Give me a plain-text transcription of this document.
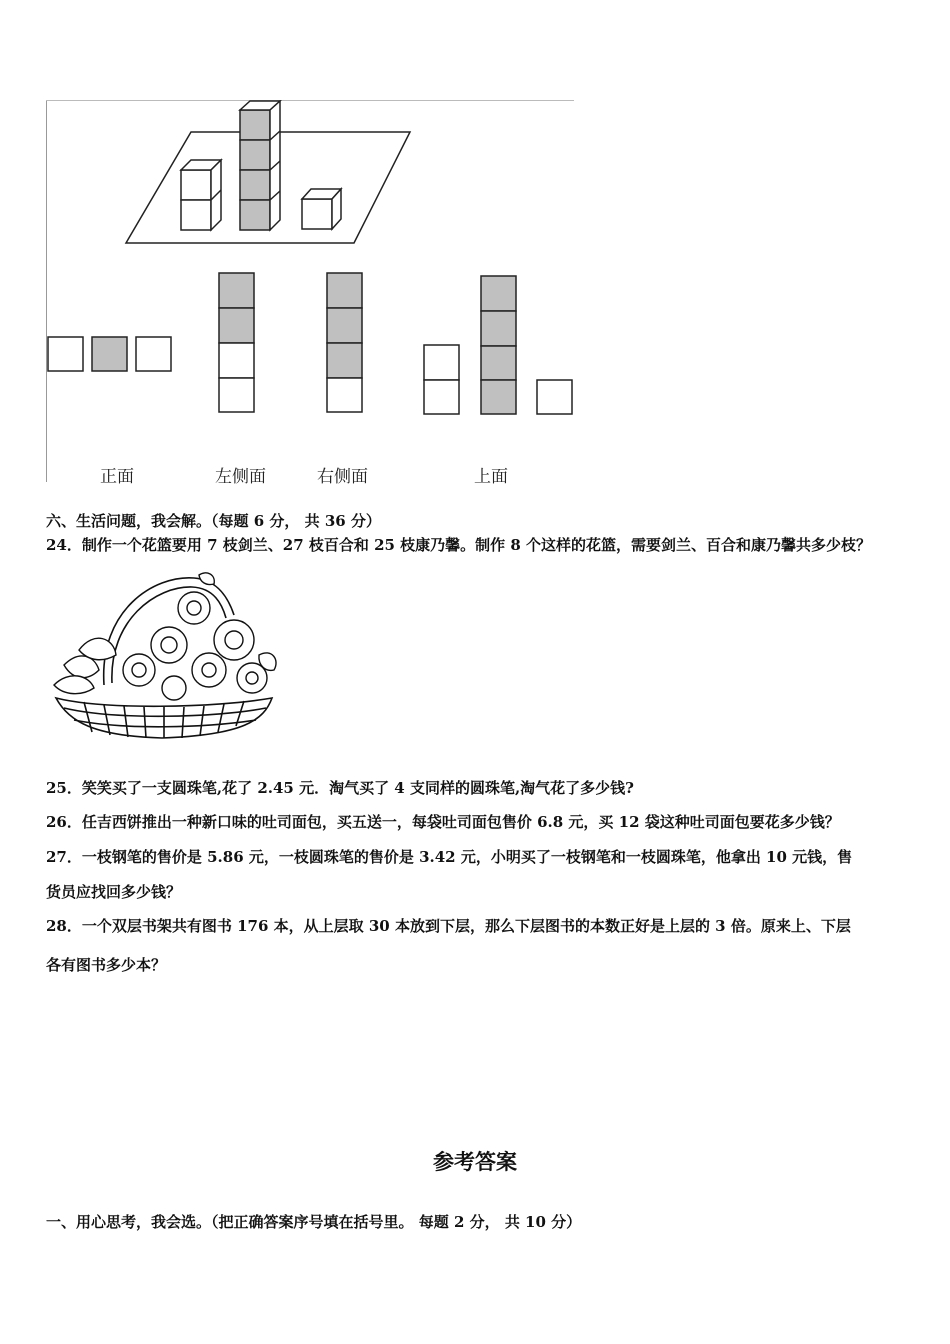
正面	左侧面	右侧面	上面
六、生活问题，我会解。（每题 6 分， 共 36 分）
24．制作一个花篮要用 7 枝剑兰、27 枝百合和 25 枝康乃馨。制作 8 个这样的花篮，需要剑兰、百合和康乃馨共多少枝？
25．笑笑买了一支圆珠笔,花了 2.45 元．淘气买了 4 支同样的圆珠笔,淘气花了多少钱?
26．任吉西饼推出一种新口味的吐司面包，买五送一，每袋吐司面包售价 6.8 元，买 12 袋这种吐司面包要花多少钱？
27．一枝钢笔的售价是 5.86 元，一枝圆珠笔的售价是 3.42 元，小明买了一枝钢笔和一枝圆珠笔，他拿出 10 元钱，售
货员应找回多少钱？
28．一个双层书架共有图书 176 本，从上层取 30 本放到下层，那么下层图书的本数正好是上层的 3 倍。原来上、下层
各有图书多少本？
参考答案
一、用心思考，我会选。（把正确答案序号填在括号里。 每题 2 分， 共 10 分）
